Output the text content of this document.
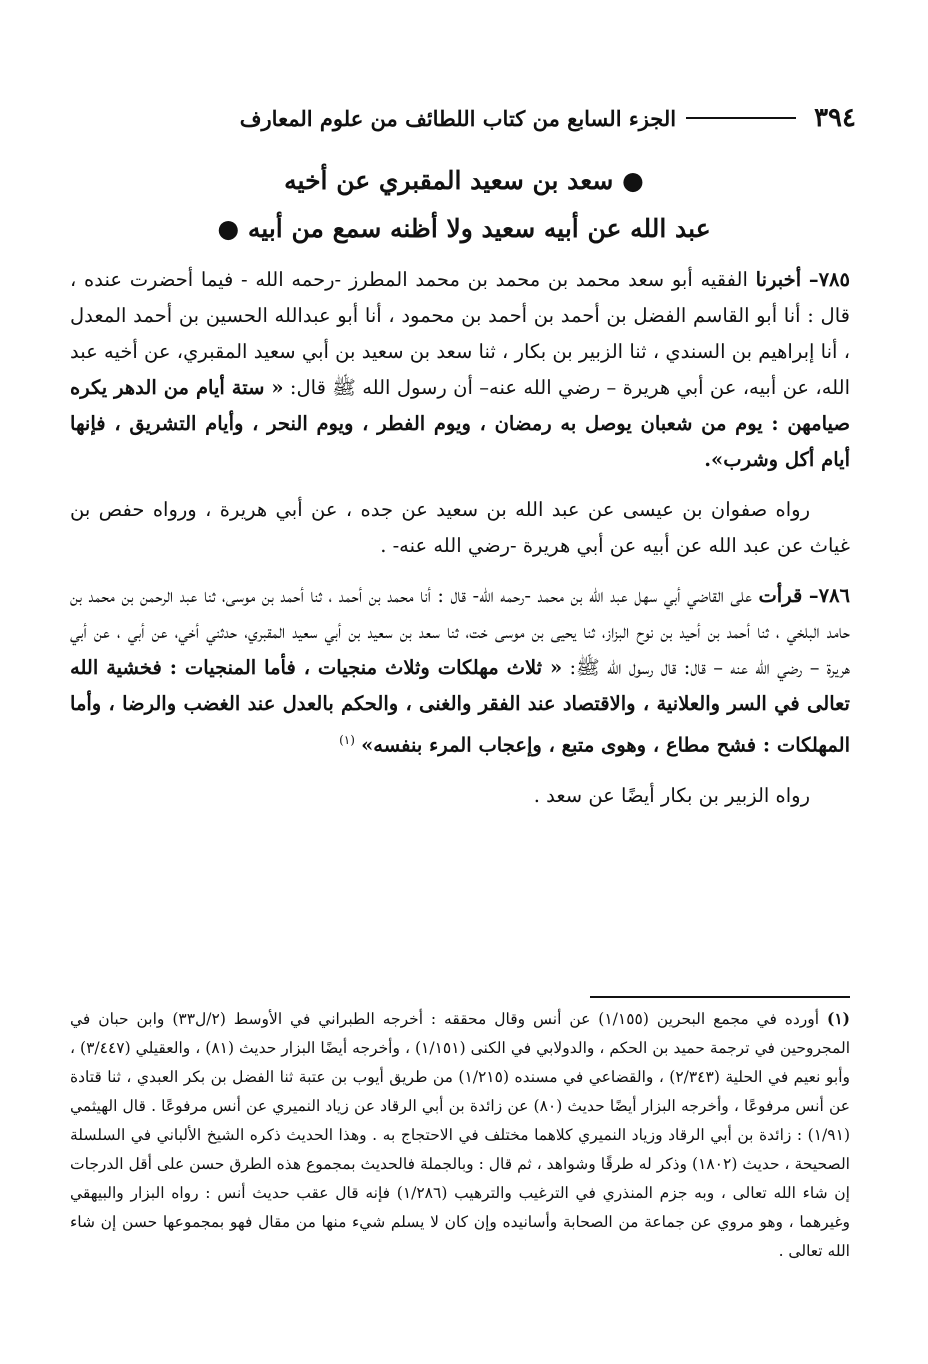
٣٩٤
الجزء السابع من كتاب اللطائف من علوم المعارف
● سعد بن سعيد المقبري عن أخيه
عبد الله عن أبيه سعيد ولا أظنه سمع من أبيه ●

٧٨٥– أخبرنا الفقيه أبو سعد محمد بن محمد بن محمد المطرز -رحمه الله - فيما أحضرت عنده ، قال : أنا أبو القاسم الفضل بن أحمد بن أحمد بن محمود ، أنا أبو عبدالله الحسين بن أحمد المعدل ، أنا إبراهيم بن السندي ، ثنا الزبير بن بكار ، ثنا سعد بن سعيد بن أبي سعيد المقبري، عن أخيه عبد الله، عن أبيه، عن أبي هريرة – رضي الله عنه– أن رسول الله ﷺ قال: « ستة أيام من الدهر يكره صيامهن : يوم من شعبان يوصل به رمضان ، ويوم الفطر ، ويوم النحر ، وأيام التشريق ، فإنها أيام أكل وشرب».

رواه صفوان بن عيسى عن عبد الله بن سعيد عن جده ، عن أبي هريرة ، ورواه حفص بن غياث عن عبد الله عن أبيه عن أبي هريرة -رضي الله عنه- .

٧٨٦– قرأت على القاضي أبي سهل عبد الله بن محمد -رحمه الله- قال : أنا محمد بن أحمد ، ثنا أحمد بن موسى، ثنا عبد الرحمن بن محمد بن حامد البلخي ، ثنا أحمد بن أحيد بن نوح البزاز، ثنا يحيى بن موسى خت، ثنا سعد بن سعيد بن أبي سعيد المقبري، حدثني أخي، عن أبي ، عن أبي هريرة – رضي الله عنه – قال: قال رسول الله ﷺ: « ثلاث مهلكات وثلاث منجيات ، فأما المنجيات : فخشية الله تعالى في السر والعلانية ، والاقتصاد عند الفقر والغنى ، والحكم بالعدل عند الغضب والرضا ، وأما المهلكات : فشح مطاع ، وهوى متبع ، وإعجاب المرء بنفسه» $^{(١)}$

رواه الزبير بن بكار أيضًا عن سعد .

(١) أورده في مجمع البحرين (١/١٥٥) عن أنس وقال محققه : أخرجه الطبراني في الأوسط (٢/ل٣٣) وابن حبان في المجروحين في ترجمة حميد بن الحكم ، والدولابي في الكنى (١/١٥١) ، وأخرجه أيضًا البزار حديث (٨١) ، والعقيلي (٣/٤٤٧) ، وأبو نعيم في الحلية (٢/٣٤٣) ، والقضاعي في مسنده (١/٢١٥) من طريق أيوب بن عتبة ثنا الفضل بن بكر العبدي ، ثنا قتادة عن أنس مرفوعًا ، وأخرجه البزار أيضًا حديث (٨٠) عن زائدة بن أبي الرقاد عن زياد النميري عن أنس مرفوعًا . قال الهيثمي (١/٩١) : زائدة بن أبي الرقاد وزياد النميري كلاهما مختلف في الاحتجاج به . وهذا الحديث ذكره الشيخ الألباني في السلسلة الصحيحة ، حديث (١٨٠٢) وذكر له طرقًا وشواهد ، ثم قال : وبالجملة فالحديث بمجموع هذه الطرق حسن على أقل الدرجات إن شاء الله تعالى ، وبه جزم المنذري في الترغيب والترهيب (١/٢٨٦) فإنه قال عقب حديث أنس : رواه البزار والبيهقي وغيرهما ، وهو مروي عن جماعة من الصحابة وأسانيده وإن كان لا يسلم شيء منها من مقال فهو بمجموعها حسن إن شاء الله تعالى .
